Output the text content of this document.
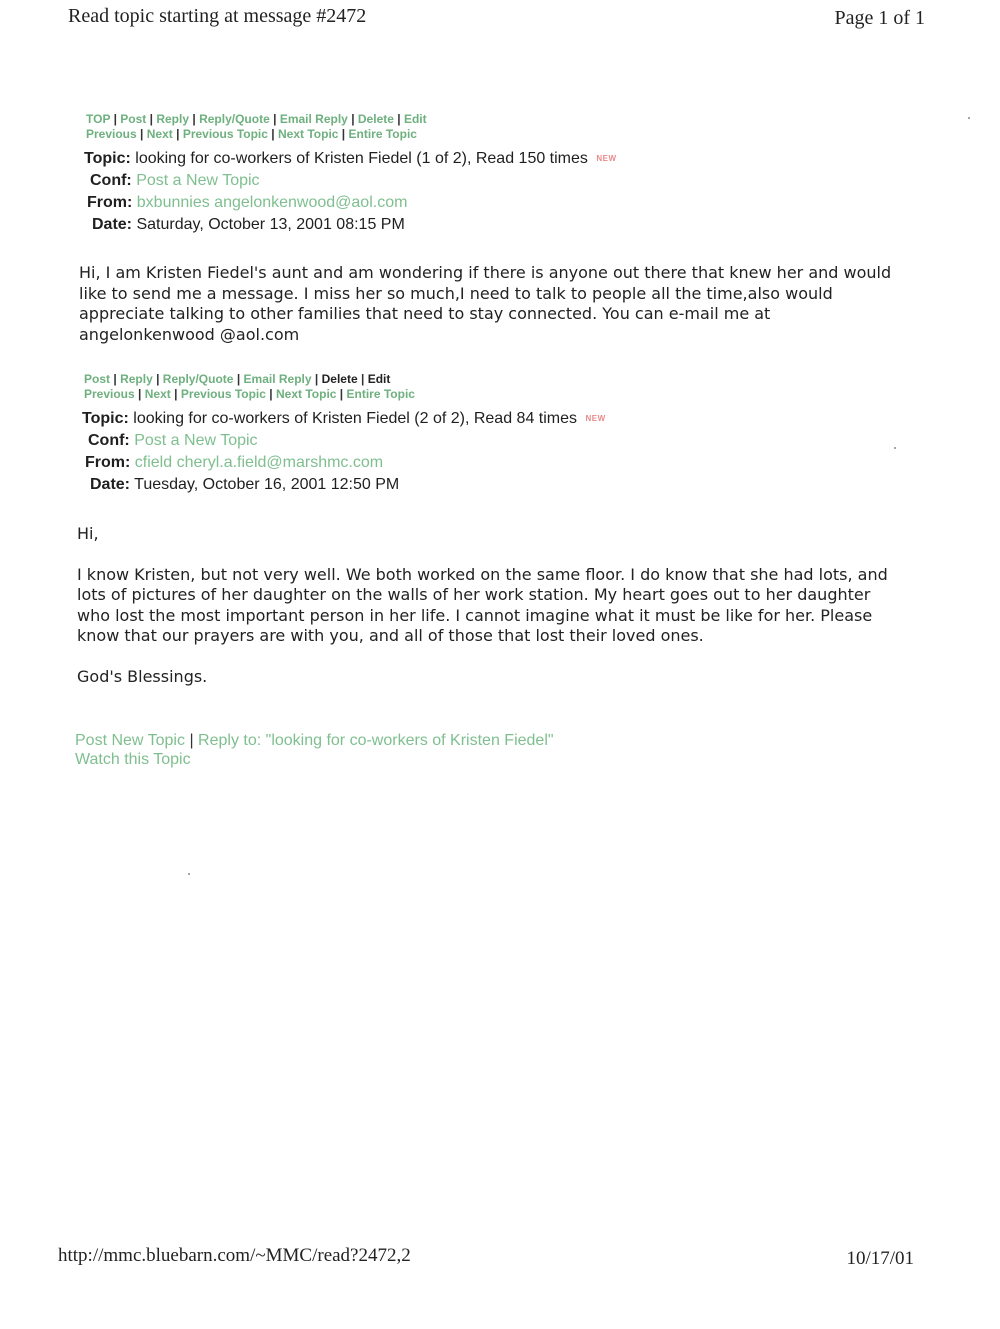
Read topic starting at message #2472	Page 1 of 1
TOP | Post | Reply | Reply/Quote | Email Reply | Delete | Edit
Previous | Next | Previous Topic | Next Topic | Entire Topic
Topic: looking for co-workers of Kristen Fiedel (1 of 2), Read 150 times NEW
Conf: Post a New Topic
From: bxbunnies angelonkenwood@aol.com
Date: Saturday, October 13, 2001 08:15 PM

Hi, I am Kristen Fiedel's aunt and am wondering if there is anyone out there that knew her and would like to send me a message. I miss her so much,I need to talk to people all the time,also would appreciate talking to other families that need to stay connected. You can e-mail me at angelonkenwood @aol.com

Post | Reply | Reply/Quote | Email Reply | Delete | Edit
Previous | Next | Previous Topic | Next Topic | Entire Topic
Topic: looking for co-workers of Kristen Fiedel (2 of 2), Read 84 times NEW
Conf: Post a New Topic
From: cfield cheryl.a.field@marshmc.com
Date: Tuesday, October 16, 2001 12:50 PM

Hi,

I know Kristen, but not very well. We both worked on the same floor. I do know that she had lots, and lots of pictures of her daughter on the walls of her work station. My heart goes out to her daughter who lost the most important person in her life. I cannot imagine what it must be like for her. Please know that our prayers are with you, and all of those that lost their loved ones.

God's Blessings.

Post New Topic | Reply to: "looking for co-workers of Kristen Fiedel"
Watch this Topic
http://mmc.bluebarn.com/~MMC/read?2472,2	10/17/01
